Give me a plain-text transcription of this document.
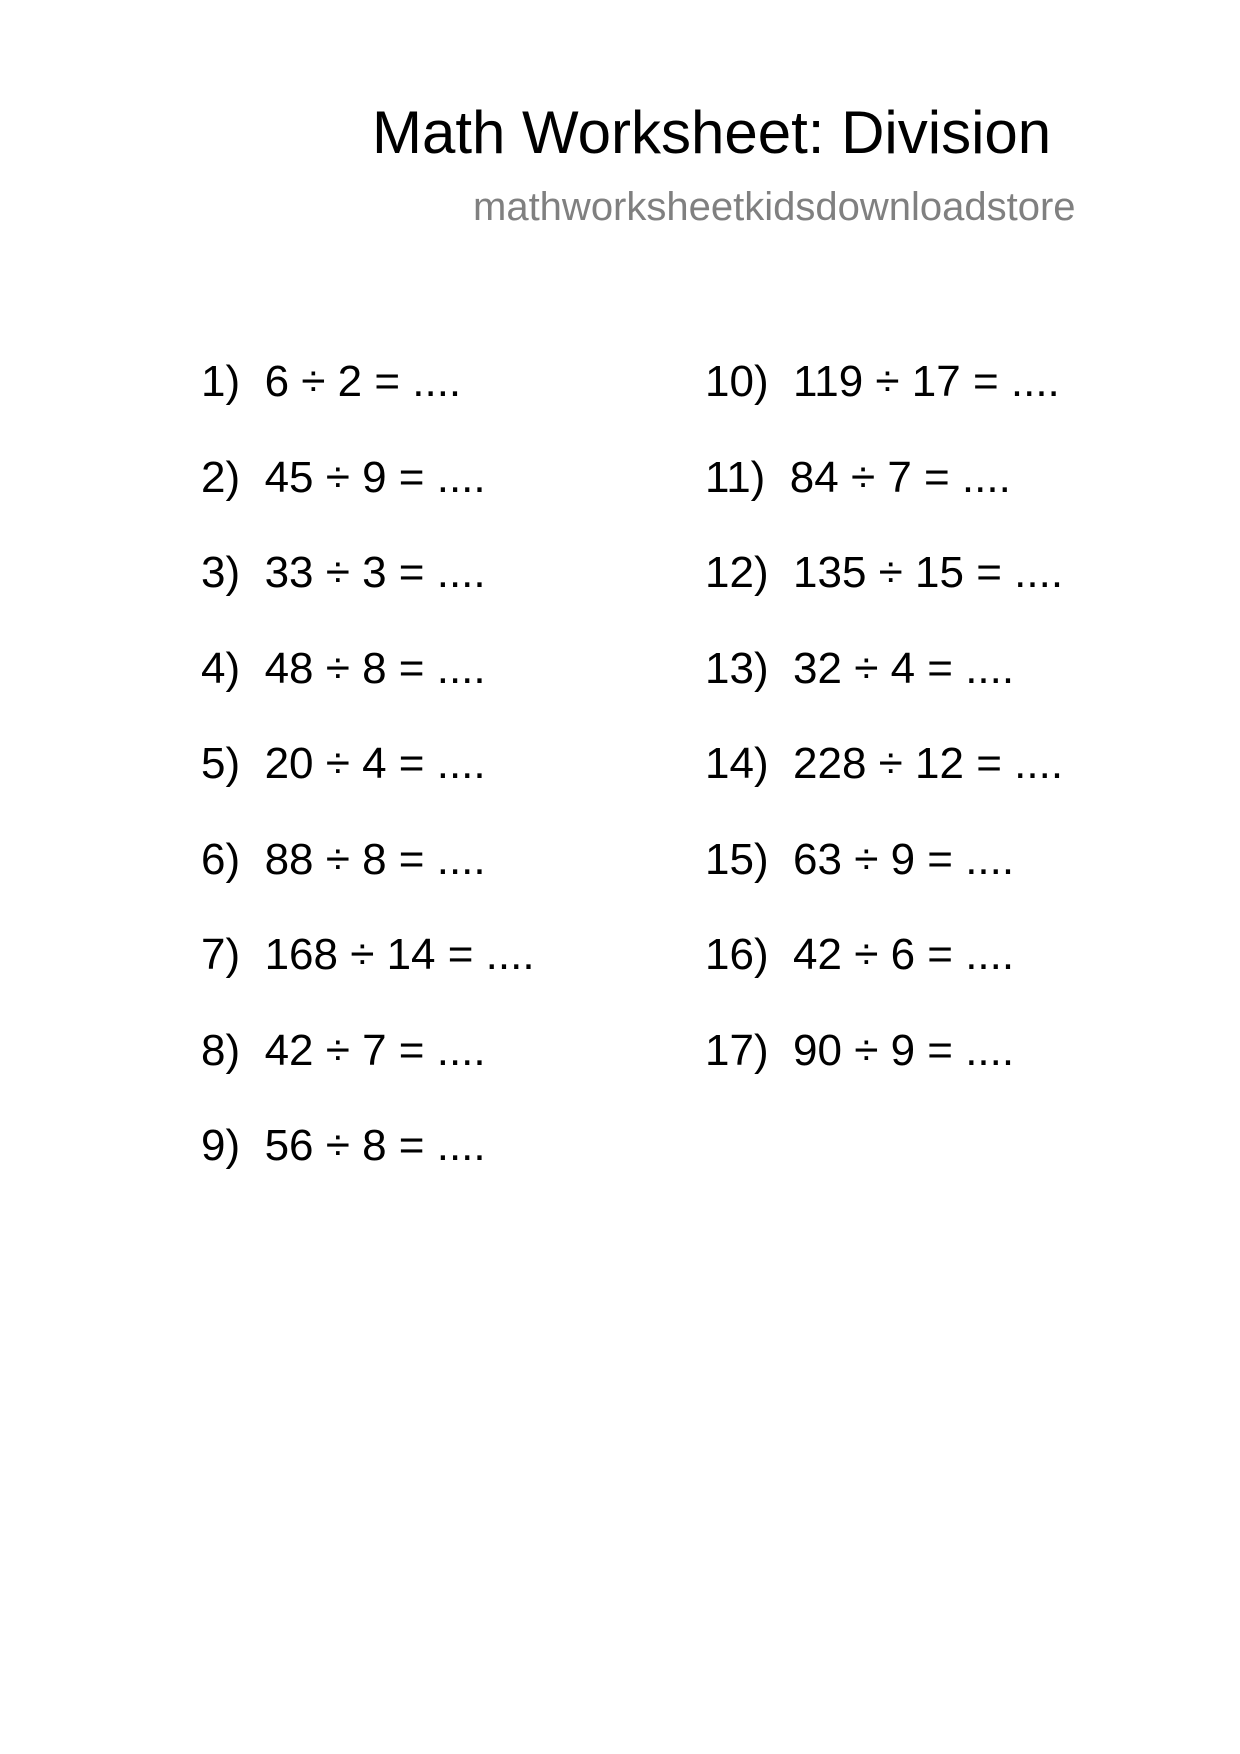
Math Worksheet: Division
mathworksheetkidsdownloadstore
1)  6 ÷ 2 = ....
2)  45 ÷ 9 = ....
3)  33 ÷ 3 = ....
4)  48 ÷ 8 = ....
5)  20 ÷ 4 = ....
6)  88 ÷ 8 = ....
7)  168 ÷ 14 = ....
8)  42 ÷ 7 = ....
9)  56 ÷ 8 = ....
10)  119 ÷ 17 = ....
11)  84 ÷ 7 = ....
12)  135 ÷ 15 = ....
13)  32 ÷ 4 = ....
14)  228 ÷ 12 = ....
15)  63 ÷ 9 = ....
16)  42 ÷ 6 = ....
17)  90 ÷ 9 = ....
